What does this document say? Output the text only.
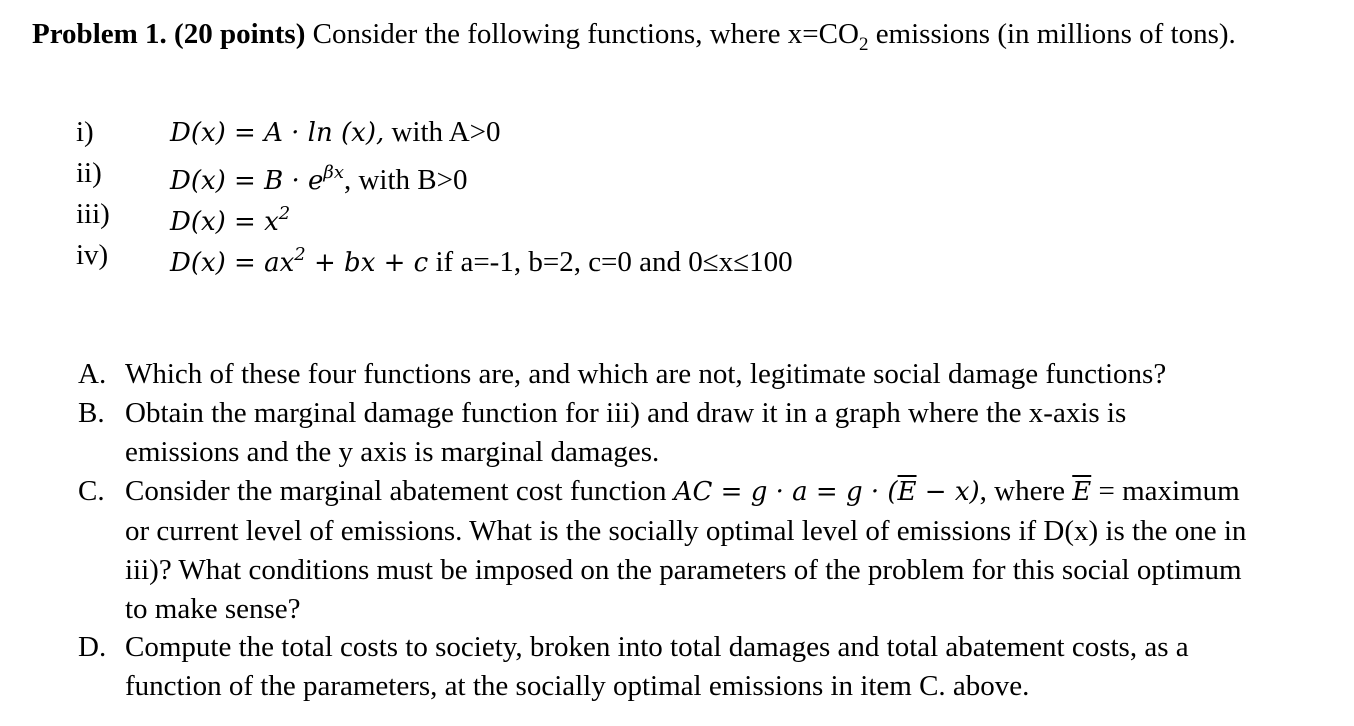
Problem 1. (20 points) Consider the following functions, where $x=CO_2$ emissions (in millions of tons).
i)	D(x) = A · ln (x), with A>0
ii)	$D(x) = B \cdot e^{\beta x}$, with B>0
iii) $D(x) = x^2$
iv) $D(x) = ax^2$ + bx + c if a=-1, b=2, c=0 and 0≤x≤100
A. Which of these four functions are, and which are not, legitimate social damage functions?
B. Obtain the marginal damage function for iii) and draw it in a graph where the x-axis is emissions and the y axis is marginal damages.
C. Consider the marginal abatement cost function AC = $g \cdot a = g \cdot (\overline{E} - x)$, where $\overline{E}$ = maximum or current level of emissions. What is the socially optimal level of emissions if D(x) is the one in iii)? What conditions must be imposed on the parameters of the problem for this social optimum to make sense?
D. Compute the total costs to society, broken into total damages and total abatement costs, as a function of the parameters, at the socially optimal emissions in item C. above.
